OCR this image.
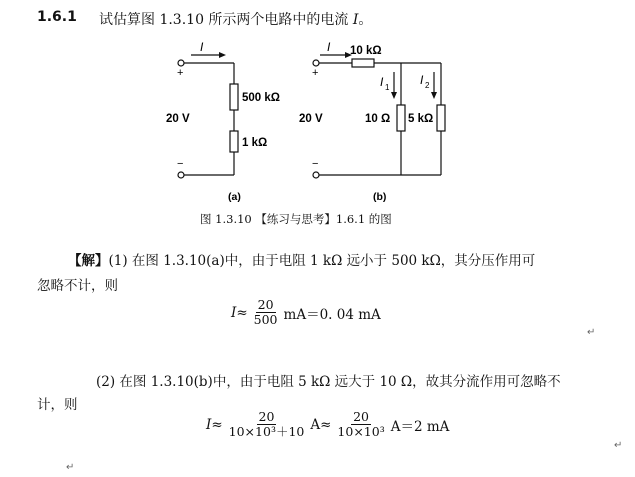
1.6.1 试估算图 1.3.10 所示两个电路中的电流 I。
I
+
−
20 V
500 kΩ
1 kΩ
(a)
I 10 kΩ
+
−
20 V
I 1
I 2
10 Ω 5 kΩ
(b)
图 1.3.10 【练习与思考】1.6.1 的图
【解】(1) 在图 1.3.10(a)中，由于电阻 1 kΩ 远小于 500 kΩ，其分压作用可
忽略不计，则
$I\approx \frac{20}{500} mA=0$. 04 mA
↵
(2) 在图 1.3.10(b)中，由于电阻 5 kΩ 远大于 10 Ω，故其分流作用可忽略不
计，则
$I\approx \frac{20}{\text{10×10³＋10}} A\approx \frac{20}{\text{10×10³}} A=2$ mA
↵
↵
